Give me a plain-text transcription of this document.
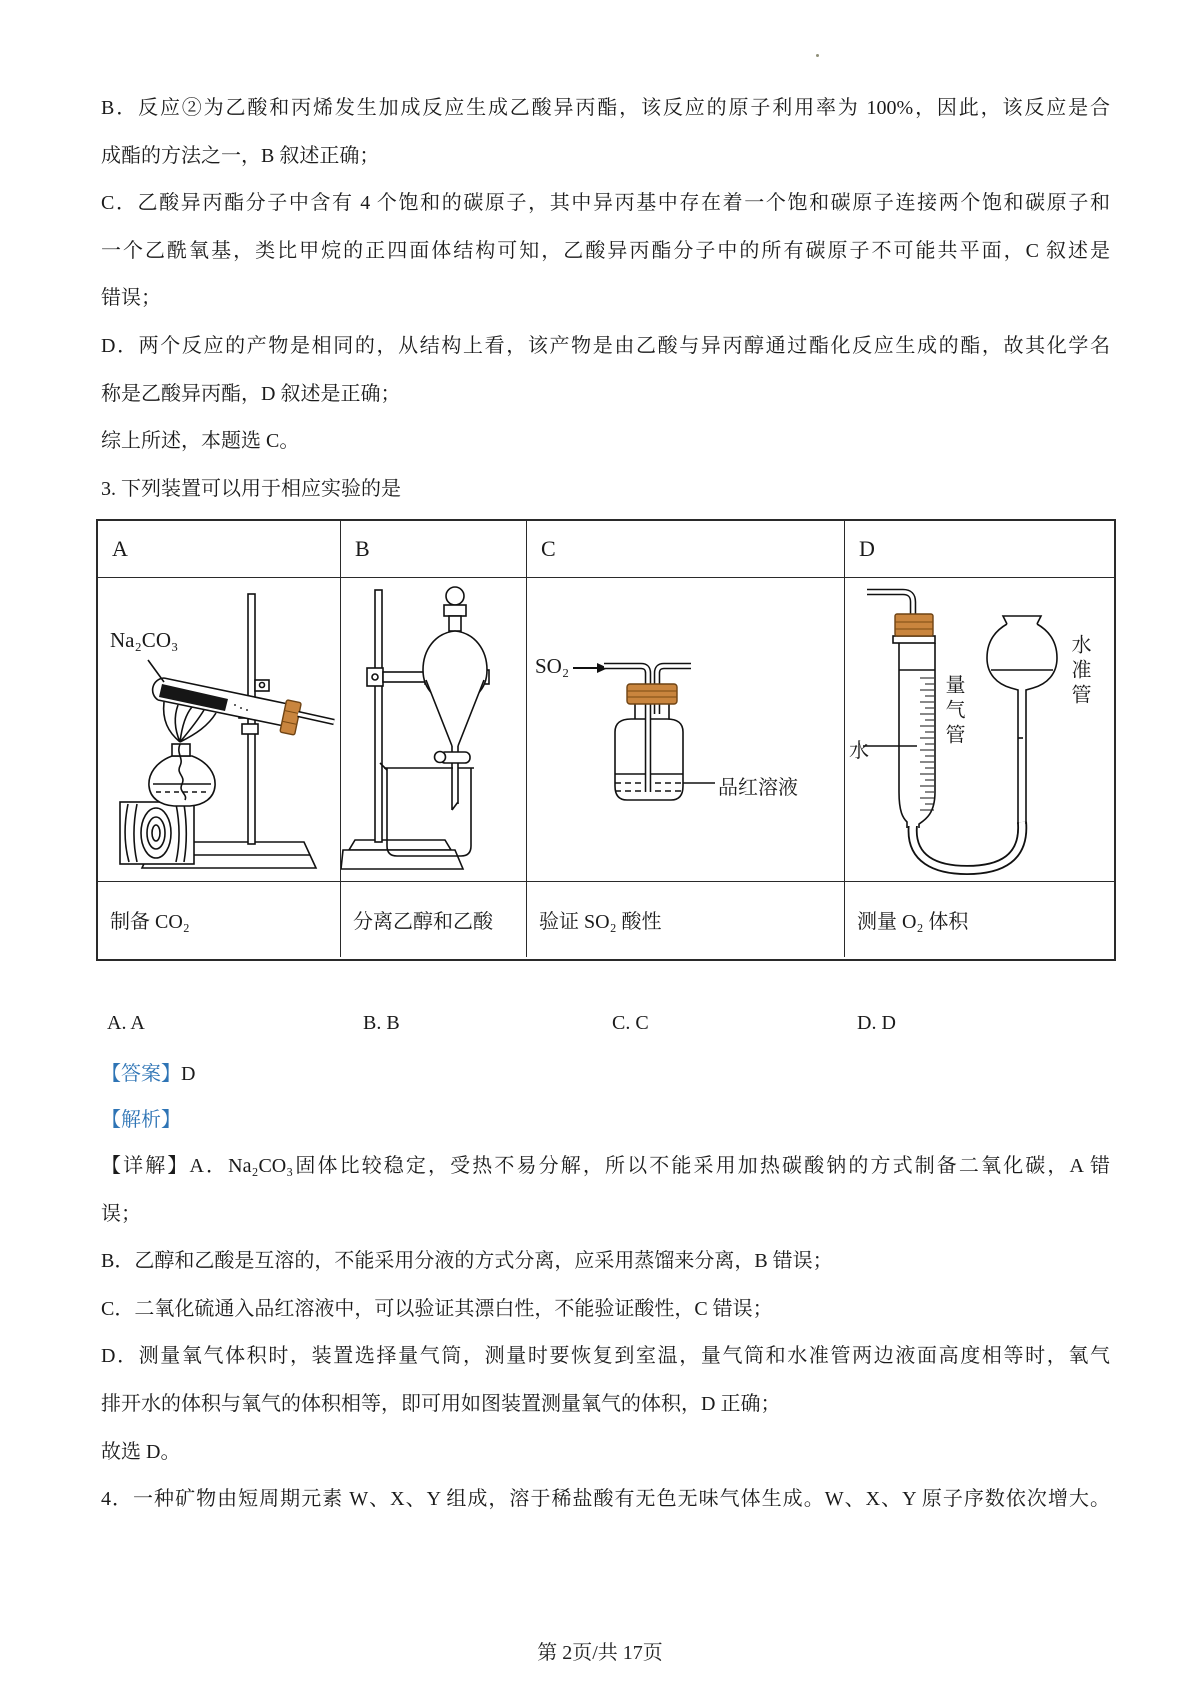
B．反应②为乙酸和丙烯发生加成反应生成乙酸异丙酯，该反应的原子利用率为 100%，因此，该反应是合
成酯的方法之一，B 叙述正确；
C．乙酸异丙酯分子中含有 4 个饱和的碳原子，其中异丙基中存在着一个饱和碳原子连接两个饱和碳原子和
一个乙酰氧基，类比甲烷的正四面体结构可知，乙酸异丙酯分子中的所有碳原子不可能共平面，C 叙述是
错误；
D．两个反应的产物是相同的，从结构上看，该产物是由乙酸与异丙醇通过酯化反应生成的酯，故其化学名
称是乙酸异丙酯，D 叙述是正确；
综上所述，本题选 C。
3. 下列装置可以用于相应实验的是
A	B	C	D
Na₂CO₃
SO₂
品红溶液
水
量气管
水准管
制备 CO₂	分离乙醇和乙酸	验证 SO₂ 酸性	测量 O₂ 体积
A. A	B. B	C. C	D. D
【答案】D
【解析】
【详解】A．Na₂CO₃固体比较稳定，受热不易分解，所以不能采用加热碳酸钠的方式制备二氧化碳，A 错
误；
B．乙醇和乙酸是互溶的，不能采用分液的方式分离，应采用蒸馏来分离，B 错误；
C．二氧化硫通入品红溶液中，可以验证其漂白性，不能验证酸性，C 错误；
D．测量氧气体积时，装置选择量气筒，测量时要恢复到室温，量气筒和水准管两边液面高度相等时，氧气
排开水的体积与氧气的体积相等，即可用如图装置测量氧气的体积，D 正确；
故选 D。
4．一种矿物由短周期元素 W、X、Y 组成，溶于稀盐酸有无色无味气体生成。W、X、Y 原子序数依次增大。
第 2页/共 17页
